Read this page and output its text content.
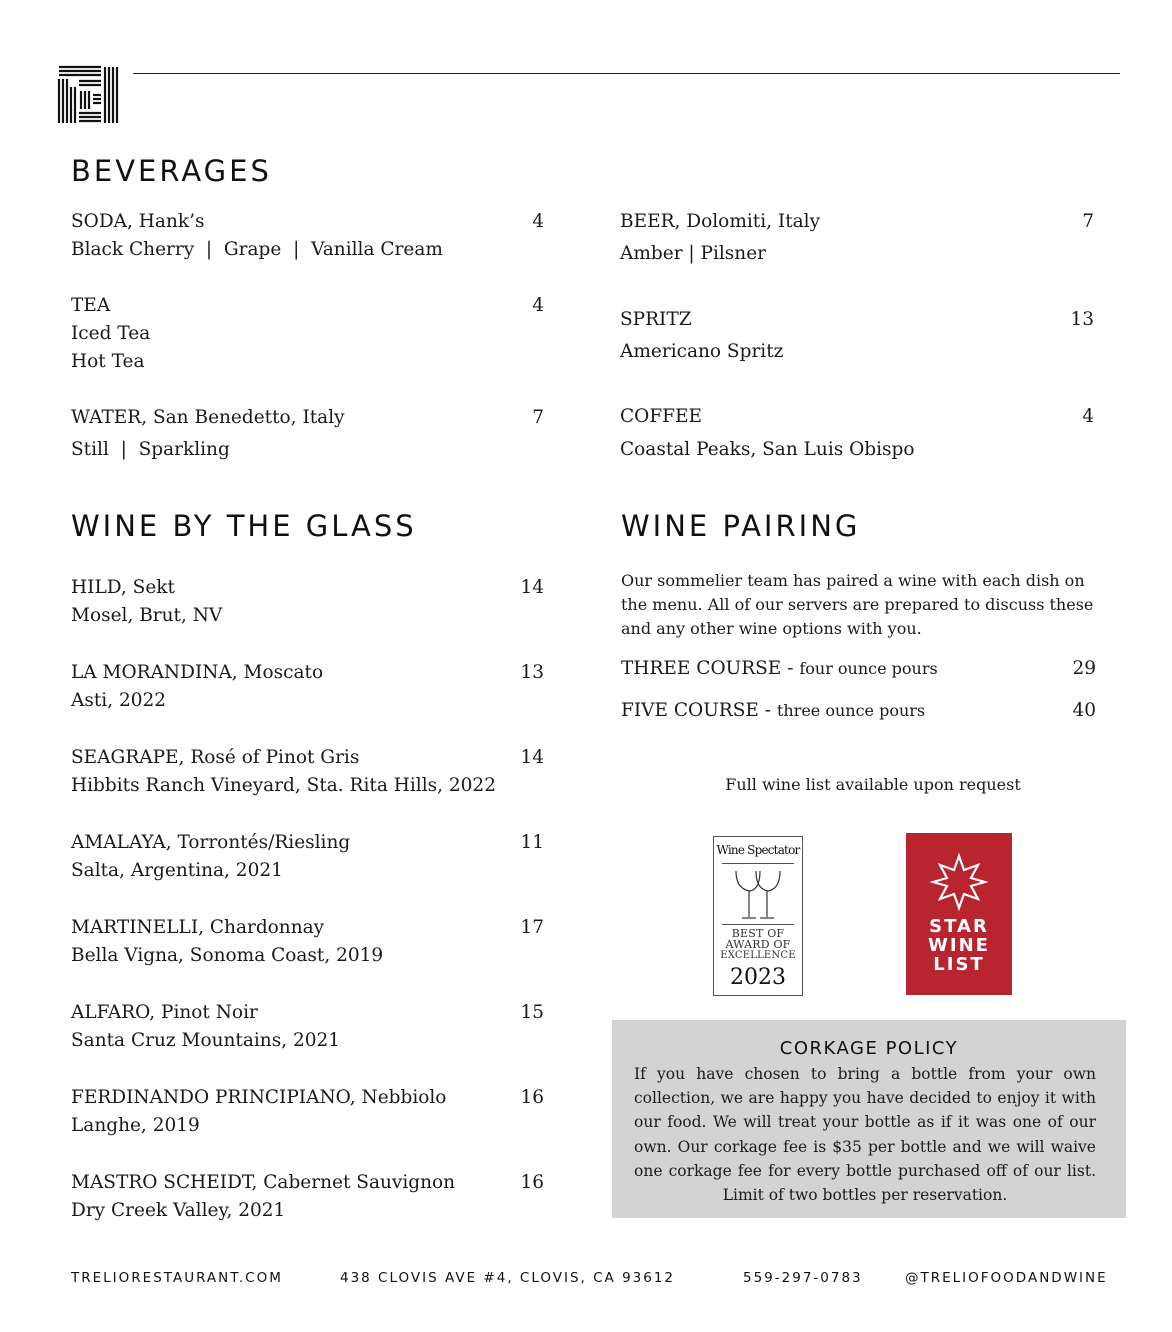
BEVERAGES
SODA, Hank’s	4
Black Cherry  |  Grape  |  Vanilla Cream
TEA	4
Iced Tea
Hot Tea
WATER, San Benedetto, Italy	7
Still  |  Sparkling
BEER, Dolomiti, Italy	7
Amber | Pilsner
SPRITZ	13
Americano Spritz
COFFEE	4
Coastal Peaks, San Luis Obispo
WINE BY THE GLASS
HILD, Sekt	14
Mosel, Brut, NV
LA MORANDINA, Moscato	13
Asti, 2022
SEAGRAPE, Rosé of Pinot Gris	14
Hibbits Ranch Vineyard, Sta. Rita Hills, 2022
AMALAYA, Torrontés/Riesling	11
Salta, Argentina, 2021
MARTINELLI, Chardonnay	17
Bella Vigna, Sonoma Coast, 2019
ALFARO, Pinot Noir	15
Santa Cruz Mountains, 2021
FERDINANDO PRINCIPIANO, Nebbiolo	16
Langhe, 2019
MASTRO SCHEIDT, Cabernet Sauvignon	16
Dry Creek Valley, 2021
WINE PAIRING
Our sommelier team has paired a wine with each dish on the menu. All of our servers are prepared to discuss these and any other wine options with you.
THREE COURSE - four ounce pours	29
FIVE COURSE - three ounce pours	40
Full wine list available upon request
Wine Spectator
BEST OF
AWARD OF
EXCELLENCE
2023
STAR
WINE
LIST
CORKAGE POLICY
If you have chosen to bring a bottle from your own collection, we are happy you have decided to enjoy it with our food. We will treat your bottle as if it was one of our own. Our corkage fee is $35 per bottle and we will waive one corkage fee for every bottle purchased off of our list. Limit of two bottles per reservation.
TRELIORESTAURANT.COM	438 CLOVIS AVE #4, CLOVIS, CA 93612	559-297-0783	@TRELIOFOODANDWINE
